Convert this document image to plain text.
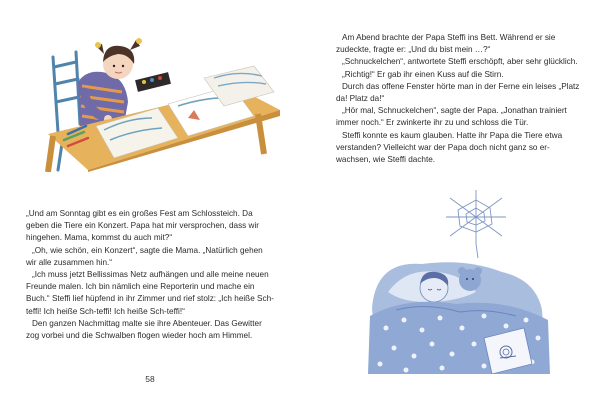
„Und am Sonntag gibt es ein großes Fest am Schlossteich. Da geben die Tiere ein Konzert. Papa hat mir versprochen, dass wir hingehen. Mama, kommst du auch mit?“

„Oh, wie schön, ein Konzert“, sagte die Mama. „Natürlich gehen wir alle zusammen hin.“

„Ich muss jetzt Bellissimas Netz aufhängen und alle meine neuen Freunde malen. Ich bin nämlich eine Reporterin und mache ein Buch.“ Steffi lief hüpfend in ihr Zimmer und rief stolz: „Ich heiße Sch-teffi! Ich heiße Sch-teffi! Ich heiße Sch-teffi!“

Den ganzen Nachmittag malte sie ihre Abenteuer. Das Gewitter zog vorbei und die Schwalben flogen wieder hoch am Himmel.

58

Am Abend brachte der Papa Steffi ins Bett. Während er sie zudeckte, fragte er: „Und du bist mein …?“

„Schnuckelchen“, antwortete Steffi erschöpft, aber sehr glücklich.

„Richtig!“ Er gab ihr einen Kuss auf die Stirn.

Durch das offene Fenster hörte man in der Ferne ein leises „Platz da! Platz da!“

„Hör mal, Schnuckelchen“, sagte der Papa. „Jonathan trainiert immer noch.“ Er zwinkerte ihr zu und schloss die Tür.

Steffi konnte es kaum glauben. Hatte ihr Papa die Tiere etwa verstanden? Vielleicht war der Papa doch nicht ganz so er-
wachsen, wie Steffi dachte.
